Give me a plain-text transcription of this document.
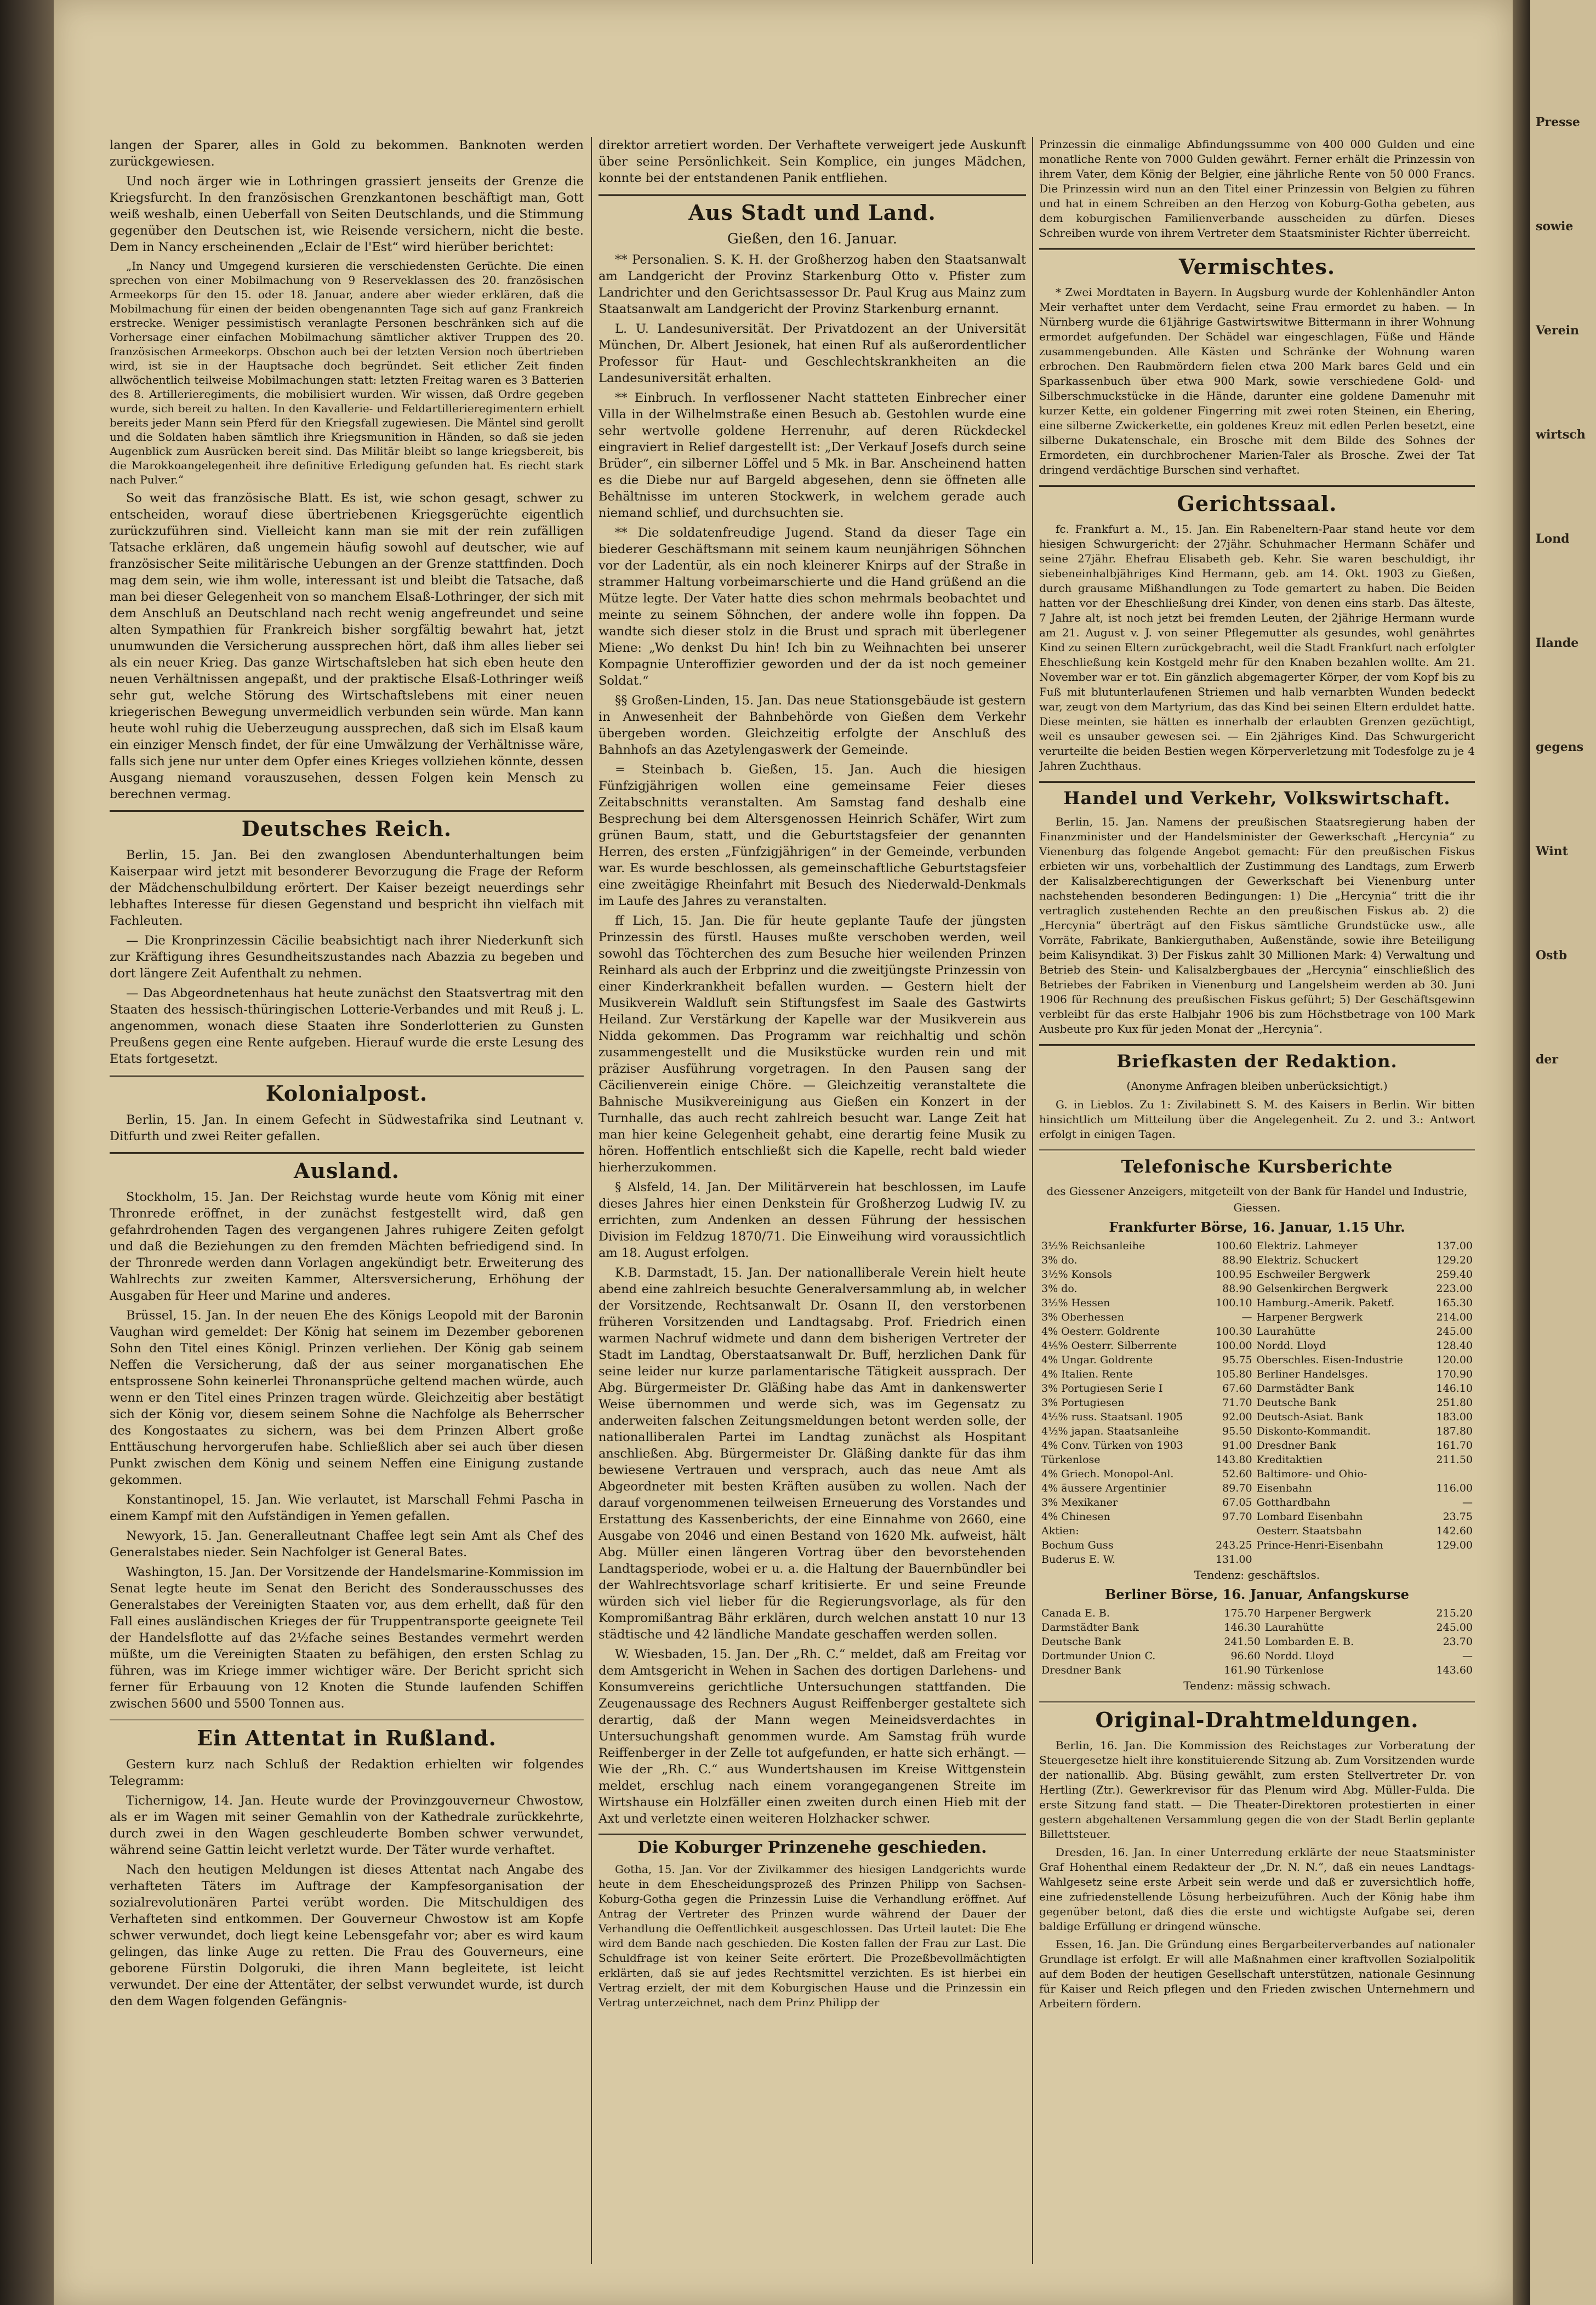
langen der Sparer, alles in Gold zu bekommen. Banknoten werden zurückgewiesen.

Und noch ärger wie in Lothringen grassiert jenseits der Grenze die Kriegsfurcht. In den französischen Grenzkantonen beschäftigt man, Gott weiß weshalb, einen Ueberfall von Seiten Deutschlands, und die Stimmung gegenüber den Deutschen ist, wie Reisende versichern, nicht die beste. Dem in Nancy erscheinenden „Eclair de l'Est“ wird hierüber berichtet:

„In Nancy und Umgegend kursieren die verschiedensten Gerüchte. Die einen sprechen von einer Mobilmachung von 9 Reserveklassen des 20. französischen Armeekorps für den 15. oder 18. Januar, andere aber wieder erklären, daß die Mobilmachung für einen der beiden obengenannten Tage sich auf ganz Frankreich erstrecke. Weniger pessimistisch veranlagte Personen beschränken sich auf die Vorhersage einer einfachen Mobilmachung sämtlicher aktiver Truppen des 20. französischen Armeekorps. Obschon auch bei der letzten Version noch übertrieben wird, ist sie in der Hauptsache doch begründet. Seit etlicher Zeit finden allwöchentlich teilweise Mobilmachungen statt: letzten Freitag waren es 3 Batterien des 8. Artillerieregiments, die mobilisiert wurden. Wir wissen, daß Ordre gegeben wurde, sich bereit zu halten. In den Kavallerie- und Feldartillerieregimentern erhielt bereits jeder Mann sein Pferd für den Kriegsfall zugewiesen. Die Mäntel sind gerollt und die Soldaten haben sämtlich ihre Kriegsmunition in Händen, so daß sie jeden Augenblick zum Ausrücken bereit sind. Das Militär bleibt so lange kriegsbereit, bis die Marokkoangelegenheit ihre definitive Erledigung gefunden hat. Es riecht stark nach Pulver.“

So weit das französische Blatt. Es ist, wie schon gesagt, schwer zu entscheiden, worauf diese übertriebenen Kriegsgerüchte eigentlich zurückzuführen sind. Vielleicht kann man sie mit der rein zufälligen Tatsache erklären, daß ungemein häufig sowohl auf deutscher, wie auf französischer Seite militärische Uebungen an der Grenze stattfinden. Doch mag dem sein, wie ihm wolle, interessant ist und bleibt die Tatsache, daß man bei dieser Gelegenheit von so manchem Elsaß-Lothringer, der sich mit dem Anschluß an Deutschland nach recht wenig angefreundet und seine alten Sympathien für Frankreich bisher sorgfältig bewahrt hat, jetzt unumwunden die Versicherung aussprechen hört, daß ihm alles lieber sei als ein neuer Krieg. Das ganze Wirtschaftsleben hat sich eben heute den neuen Verhältnissen angepaßt, und der praktische Elsaß-Lothringer weiß sehr gut, welche Störung des Wirtschaftslebens mit einer neuen kriegerischen Bewegung unvermeidlich verbunden sein würde. Man kann heute wohl ruhig die Ueberzeugung aussprechen, daß sich im Elsaß kaum ein einziger Mensch findet, der für eine Umwälzung der Verhältnisse wäre, falls sich jene nur unter dem Opfer eines Krieges vollziehen könnte, dessen Ausgang niemand vorauszusehen, dessen Folgen kein Mensch zu berechnen vermag.

Deutsches Reich.

Berlin, 15. Jan. Bei den zwanglosen Abendunterhaltungen beim Kaiserpaar wird jetzt mit besonderer Bevorzugung die Frage der Reform der Mädchenschulbildung erörtert. Der Kaiser bezeigt neuerdings sehr lebhaftes Interesse für diesen Gegenstand und bespricht ihn vielfach mit Fachleuten.

— Die Kronprinzessin Cäcilie beabsichtigt nach ihrer Niederkunft sich zur Kräftigung ihres Gesundheitszustandes nach Abazzia zu begeben und dort längere Zeit Aufenthalt zu nehmen.

— Das Abgeordnetenhaus hat heute zunächst den Staatsvertrag mit den Staaten des hessisch-thüringischen Lotterie-Verbandes und mit Reuß j. L. angenommen, wonach diese Staaten ihre Sonderlotterien zu Gunsten Preußens gegen eine Rente aufgeben. Hierauf wurde die erste Lesung des Etats fortgesetzt.

Kolonialpost.

Berlin, 15. Jan. In einem Gefecht in Südwestafrika sind Leutnant v. Ditfurth und zwei Reiter gefallen.

Ausland.

Stockholm, 15. Jan. Der Reichstag wurde heute vom König mit einer Thronrede eröffnet, in der zunächst festgestellt wird, daß gen gefahrdrohenden Tagen des vergangenen Jahres ruhigere Zeiten gefolgt und daß die Beziehungen zu den fremden Mächten befriedigend sind. In der Thronrede werden dann Vorlagen angekündigt betr. Erweiterung des Wahlrechts zur zweiten Kammer, Altersversicherung, Erhöhung der Ausgaben für Heer und Marine und anderes.

Brüssel, 15. Jan. In der neuen Ehe des Königs Leopold mit der Baronin Vaughan wird gemeldet: Der König hat seinem im Dezember geborenen Sohn den Titel eines Königl. Prinzen verliehen. Der König gab seinem Neffen die Versicherung, daß der aus seiner morganatischen Ehe entsprossene Sohn keinerlei Thronansprüche geltend machen würde, auch wenn er den Titel eines Prinzen tragen würde. Gleichzeitig aber bestätigt sich der König vor, diesem seinem Sohne die Nachfolge als Beherrscher des Kongostaates zu sichern, was bei dem Prinzen Albert große Enttäuschung hervorgerufen habe. Schließlich aber sei auch über diesen Punkt zwischen dem König und seinem Neffen eine Einigung zustande gekommen.

Konstantinopel, 15. Jan. Wie verlautet, ist Marschall Fehmi Pascha in einem Kampf mit den Aufständigen in Yemen gefallen.

Newyork, 15. Jan. Generalleutnant Chaffee legt sein Amt als Chef des Generalstabes nieder. Sein Nachfolger ist General Bates.

Washington, 15. Jan. Der Vorsitzende der Handelsmarine-Kommission im Senat legte heute im Senat den Bericht des Sonderausschusses des Generalstabes der Vereinigten Staaten vor, aus dem erhellt, daß für den Fall eines ausländischen Krieges der für Truppentransporte geeignete Teil der Handelsflotte auf das 2½fache seines Bestandes vermehrt werden müßte, um die Vereinigten Staaten zu befähigen, den ersten Schlag zu führen, was im Kriege immer wichtiger wäre. Der Bericht spricht sich ferner für Erbauung von 12 Knoten die Stunde laufenden Schiffen zwischen 5600 und 5500 Tonnen aus.

Ein Attentat in Rußland.

Gestern kurz nach Schluß der Redaktion erhielten wir folgendes Telegramm:

Tichernigow, 14. Jan. Heute wurde der Provinzgouverneur Chwostow, als er im Wagen mit seiner Gemahlin von der Kathedrale zurückkehrte, durch zwei in den Wagen geschleuderte Bomben schwer verwundet, während seine Gattin leicht verletzt wurde. Der Täter wurde verhaftet.

Nach den heutigen Meldungen ist dieses Attentat nach Angabe des verhafteten Täters im Auftrage der Kampfesorganisation der sozialrevolutionären Partei verübt worden. Die Mitschuldigen des Verhafteten sind entkommen. Der Gouverneur Chwostow ist am Kopfe schwer verwundet, doch liegt keine Lebensgefahr vor; aber es wird kaum gelingen, das linke Auge zu retten. Die Frau des Gouverneurs, eine geborene Fürstin Dolgoruki, die ihren Mann begleitete, ist leicht verwundet. Der eine der Attentäter, der selbst verwundet wurde, ist durch den dem Wagen folgenden Gefängnis-

direktor arretiert worden. Der Verhaftete verweigert jede Auskunft über seine Persönlichkeit. Sein Komplice, ein junges Mädchen, konnte bei der entstandenen Panik entfliehen.

Aus Stadt und Land.
Gießen, den 16. Januar.

** Personalien. S. K. H. der Großherzog haben den Staatsanwalt am Landgericht der Provinz Starkenburg Otto v. Pfister zum Landrichter und den Gerichtsassessor Dr. Paul Krug aus Mainz zum Staatsanwalt am Landgericht der Provinz Starkenburg ernannt.

L. U. Landesuniversität. Der Privatdozent an der Universität München, Dr. Albert Jesionek, hat einen Ruf als außerordentlicher Professor für Haut- und Geschlechtskrankheiten an die Landesuniversität erhalten.

** Einbruch. In verflossener Nacht statteten Einbrecher einer Villa in der Wilhelmstraße einen Besuch ab. Gestohlen wurde eine sehr wertvolle goldene Herrenuhr, auf deren Rückdeckel eingraviert in Relief dargestellt ist: „Der Verkauf Josefs durch seine Brüder“, ein silberner Löffel und 5 Mk. in Bar. Anscheinend hatten es die Diebe nur auf Bargeld abgesehen, denn sie öffneten alle Behältnisse im unteren Stockwerk, in welchem gerade auch niemand schlief, und durchsuchten sie.

** Die soldatenfreudige Jugend. Stand da dieser Tage ein biederer Geschäftsmann mit seinem kaum neunjährigen Söhnchen vor der Ladentür, als ein noch kleinerer Knirps auf der Straße in strammer Haltung vorbeimarschierte und die Hand grüßend an die Mütze legte. Der Vater hatte dies schon mehrmals beobachtet und meinte zu seinem Söhnchen, der andere wolle ihn foppen. Da wandte sich dieser stolz in die Brust und sprach mit überlegener Miene: „Wo denkst Du hin! Ich bin zu Weihnachten bei unserer Kompagnie Unteroffizier geworden und der da ist noch gemeiner Soldat.“

§§ Großen-Linden, 15. Jan. Das neue Stationsgebäude ist gestern in Anwesenheit der Bahnbehörde von Gießen dem Verkehr übergeben worden. Gleichzeitig erfolgte der Anschluß des Bahnhofs an das Azetylengaswerk der Gemeinde.

= Steinbach b. Gießen, 15. Jan. Auch die hiesigen Fünfzigjährigen wollen eine gemeinsame Feier dieses Zeitabschnitts veranstalten. Am Samstag fand deshalb eine Besprechung bei dem Altersgenossen Heinrich Schäfer, Wirt zum grünen Baum, statt, und die Geburtstagsfeier der genannten Herren, des ersten „Fünfzigjährigen“ in der Gemeinde, verbunden war. Es wurde beschlossen, als gemeinschaftliche Geburtstagsfeier eine zweitägige Rheinfahrt mit Besuch des Niederwald-Denkmals im Laufe des Jahres zu veranstalten.

ff Lich, 15. Jan. Die für heute geplante Taufe der jüngsten Prinzessin des fürstl. Hauses mußte verschoben werden, weil sowohl das Töchterchen des zum Besuche hier weilenden Prinzen Reinhard als auch der Erbprinz und die zweitjüngste Prinzessin von einer Kinderkrankheit befallen wurden. — Gestern hielt der Musikverein Waldluft sein Stiftungsfest im Saale des Gastwirts Heiland. Zur Verstärkung der Kapelle war der Musikverein aus Nidda gekommen. Das Programm war reichhaltig und schön zusammengestellt und die Musikstücke wurden rein und mit präziser Ausführung vorgetragen. In den Pausen sang der Cäcilienverein einige Chöre. — Gleichzeitig veranstaltete die Bahnische Musikvereinigung aus Gießen ein Konzert in der Turnhalle, das auch recht zahlreich besucht war. Lange Zeit hat man hier keine Gelegenheit gehabt, eine derartig feine Musik zu hören. Hoffentlich entschließt sich die Kapelle, recht bald wieder hierherzukommen.

§ Alsfeld, 14. Jan. Der Militärverein hat beschlossen, im Laufe dieses Jahres hier einen Denkstein für Großherzog Ludwig IV. zu errichten, zum Andenken an dessen Führung der hessischen Division im Feldzug 1870/71. Die Einweihung wird voraussichtlich am 18. August erfolgen.

K.B. Darmstadt, 15. Jan. Der nationalliberale Verein hielt heute abend eine zahlreich besuchte Generalversammlung ab, in welcher der Vorsitzende, Rechtsanwalt Dr. Osann II, den verstorbenen früheren Vorsitzenden und Landtagsabg. Prof. Friedrich einen warmen Nachruf widmete und dann dem bisherigen Vertreter der Stadt im Landtag, Oberstaatsanwalt Dr. Buff, herzlichen Dank für seine leider nur kurze parlamentarische Tätigkeit aussprach. Der Abg. Bürgermeister Dr. Gläßing habe das Amt in dankenswerter Weise übernommen und werde sich, was im Gegensatz zu anderweiten falschen Zeitungsmeldungen betont werden solle, der nationalliberalen Partei im Landtag zunächst als Hospitant anschließen. Abg. Bürgermeister Dr. Gläßing dankte für das ihm bewiesene Vertrauen und versprach, auch das neue Amt als Abgeordneter mit besten Kräften ausüben zu wollen. Nach der darauf vorgenommenen teilweisen Erneuerung des Vorstandes und Erstattung des Kassenberichts, der eine Einnahme von 2660, eine Ausgabe von 2046 und einen Bestand von 1620 Mk. aufweist, hält Abg. Müller einen längeren Vortrag über den bevorstehenden Landtagsperiode, wobei er u. a. die Haltung der Bauernbündler bei der Wahlrechtsvorlage scharf kritisierte. Er und seine Freunde würden sich viel lieber für die Regierungsvorlage, als für den Kompromißantrag Bähr erklären, durch welchen anstatt 10 nur 13 städtische und 42 ländliche Mandate geschaffen werden sollen.

W. Wiesbaden, 15. Jan. Der „Rh. C.“ meldet, daß am Freitag vor dem Amtsgericht in Wehen in Sachen des dortigen Darlehens- und Konsumvereins gerichtliche Untersuchungen stattfanden. Die Zeugenaussage des Rechners August Reiffenberger gestaltete sich derartig, daß der Mann wegen Meineidsverdachtes in Untersuchungshaft genommen wurde. Am Samstag früh wurde Reiffenberger in der Zelle tot aufgefunden, er hatte sich erhängt. — Wie der „Rh. C.“ aus Wundertshausen im Kreise Wittgenstein meldet, erschlug nach einem vorangegangenen Streite im Wirtshause ein Holzfäller einen zweiten durch einen Hieb mit der Axt und verletzte einen weiteren Holzhacker schwer.

Die Koburger Prinzenehe geschieden.

Gotha, 15. Jan. Vor der Zivilkammer des hiesigen Landgerichts wurde heute in dem Ehescheidungsprozeß des Prinzen Philipp von Sachsen-Koburg-Gotha gegen die Prinzessin Luise die Verhandlung eröffnet. Auf Antrag der Vertreter des Prinzen wurde während der Dauer der Verhandlung die Oeffentlichkeit ausgeschlossen. Das Urteil lautet: Die Ehe wird dem Bande nach geschieden. Die Kosten fallen der Frau zur Last. Die Schuldfrage ist von keiner Seite erörtert. Die Prozeßbevollmächtigten erklärten, daß sie auf jedes Rechtsmittel verzichten. Es ist hierbei ein Vertrag erzielt, der mit dem Koburgischen Hause und die Prinzessin ein Vertrag unterzeichnet, nach dem Prinz Philipp der

Prinzessin die einmalige Abfindungssumme von 400 000 Gulden und eine monatliche Rente von 7000 Gulden gewährt. Ferner erhält die Prinzessin von ihrem Vater, dem König der Belgier, eine jährliche Rente von 50 000 Francs. Die Prinzessin wird nun an den Titel einer Prinzessin von Belgien zu führen und hat in einem Schreiben an den Herzog von Koburg-Gotha gebeten, aus dem koburgischen Familienverbande ausscheiden zu dürfen. Dieses Schreiben wurde von ihrem Vertreter dem Staatsminister Richter überreicht.

Vermischtes.

* Zwei Mordtaten in Bayern. In Augsburg wurde der Kohlenhändler Anton Meir verhaftet unter dem Verdacht, seine Frau ermordet zu haben. — In Nürnberg wurde die 61jährige Gastwirtswitwe Bittermann in ihrer Wohnung ermordet aufgefunden. Der Schädel war eingeschlagen, Füße und Hände zusammengebunden. Alle Kästen und Schränke der Wohnung waren erbrochen. Den Raubmördern fielen etwa 200 Mark bares Geld und ein Sparkassenbuch über etwa 900 Mark, sowie verschiedene Gold- und Silberschmuckstücke in die Hände, darunter eine goldene Damenuhr mit kurzer Kette, ein goldener Fingerring mit zwei roten Steinen, ein Ehering, eine silberne Zwickerkette, ein goldenes Kreuz mit edlen Perlen besetzt, eine silberne Dukatenschale, ein Brosche mit dem Bilde des Sohnes der Ermordeten, ein durchbrochener Marien-Taler als Brosche. Zwei der Tat dringend verdächtige Burschen sind verhaftet.

Gerichtssaal.

fc. Frankfurt a. M., 15. Jan. Ein Rabeneltern-Paar stand heute vor dem hiesigen Schwurgericht: der 27jähr. Schuhmacher Hermann Schäfer und seine 27jähr. Ehefrau Elisabeth geb. Kehr. Sie waren beschuldigt, ihr siebeneinhalbjähriges Kind Hermann, geb. am 14. Okt. 1903 zu Gießen, durch grausame Mißhandlungen zu Tode gemartert zu haben. Die Beiden hatten vor der Eheschließung drei Kinder, von denen eins starb. Das älteste, 7 Jahre alt, ist noch jetzt bei fremden Leuten, der 2jährige Hermann wurde am 21. August v. J. von seiner Pflegemutter als gesundes, wohl genährtes Kind zu seinen Eltern zurückgebracht, weil die Stadt Frankfurt nach erfolgter Eheschließung kein Kostgeld mehr für den Knaben bezahlen wollte. Am 21. November war er tot. Ein gänzlich abgemagerter Körper, der vom Kopf bis zu Fuß mit blutunterlaufenen Striemen und halb vernarbten Wunden bedeckt war, zeugt von dem Martyrium, das das Kind bei seinen Eltern erduldet hatte. Diese meinten, sie hätten es innerhalb der erlaubten Grenzen gezüchtigt, weil es unsauber gewesen sei. — Ein 2jähriges Kind. Das Schwurgericht verurteilte die beiden Bestien wegen Körperverletzung mit Todesfolge zu je 4 Jahren Zuchthaus.

Handel und Verkehr, Volkswirtschaft.

Berlin, 15. Jan. Namens der preußischen Staatsregierung haben der Finanzminister und der Handelsminister der Gewerkschaft „Hercynia“ zu Vienenburg das folgende Angebot gemacht: Für den preußischen Fiskus erbieten wir uns, vorbehaltlich der Zustimmung des Landtags, zum Erwerb der Kalisalzberechtigungen der Gewerkschaft bei Vienenburg unter nachstehenden besonderen Bedingungen: 1) Die „Hercynia“ tritt die ihr vertraglich zustehenden Rechte an den preußischen Fiskus ab. 2) die „Hercynia“ überträgt auf den Fiskus sämtliche Grundstücke usw., alle Vorräte, Fabrikate, Bankierguthaben, Außenstände, sowie ihre Beteiligung beim Kalisyndikat. 3) Der Fiskus zahlt 30 Millionen Mark: 4) Verwaltung und Betrieb des Stein- und Kalisalzbergbaues der „Hercynia“ einschließlich des Betriebes der Fabriken in Vienenburg und Langelsheim werden ab 30. Juni 1906 für Rechnung des preußischen Fiskus geführt; 5) Der Geschäftsgewinn verbleibt für das erste Halbjahr 1906 bis zum Höchstbetrage von 100 Mark Ausbeute pro Kux für jeden Monat der „Hercynia“.

Briefkasten der Redaktion.
(Anonyme Anfragen bleiben unberücksichtigt.)

G. in Lieblos. Zu 1: Zivilabinett S. M. des Kaisers in Berlin. Wir bitten hinsichtlich um Mitteilung über die Angelegenheit. Zu 2. und 3.: Antwort erfolgt in einigen Tagen.

Telefonische Kursberichte
des Giessener Anzeigers, mitgeteilt von der Bank für Handel und Industrie, Giessen.
Frankfurter Börse, 16. Januar, 1.15 Uhr.
3½% Reichsanleihe	100.60	Elektriz. Lahmeyer	137.00
3% do.	88.90	Elektriz. Schuckert	129.20
3½% Konsols	100.95	Eschweiler Bergwerk	259.40
3% do.	88.90	Gelsenkirchen Bergwerk	223.00
3½% Hessen	100.10	Hamburg.-Amerik. Paketf.	165.30
3% Oberhessen	—	Harpener Bergwerk	214.00
4% Oesterr. Goldrente	100.30	Laurahütte	245.00
4⅕% Oesterr. Silberrente	100.00	Nordd. Lloyd	128.40
4% Ungar. Goldrente	95.75	Oberschles. Eisen-Industrie	120.00
4% Italien. Rente	105.80	Berliner Handelsges.	170.90
3% Portugiesen Serie I	67.60	Darmstädter Bank	146.10
3% Portugiesen	71.70	Deutsche Bank	251.80
4½% russ. Staatsanl. 1905	92.00	Deutsch-Asiat. Bank	183.00
4½% japan. Staatsanleihe	95.50	Diskonto-Kommandit.	187.80
4% Conv. Türken von 1903	91.00	Dresdner Bank	161.70
Türkenlose	143.80	Kreditaktien	211.50
4% Griech. Monopol-Anl.	52.60	Baltimore- und Ohio-	
4% äussere Argentinier	89.70	Eisenbahn	116.00
3% Mexikaner	67.05	Gotthardbahn	—
4% Chinesen	97.70	Lombard Eisenbahn	23.75
Aktien:		Oesterr. Staatsbahn	142.60
Bochum Guss	243.25	Prince-Henri-Eisenbahn	129.00
Buderus E. W.	131.00		
Tendenz: geschäftslos.
Berliner Börse, 16. Januar, Anfangskurse
Canada E. B.	175.70	Harpener Bergwerk	215.20
Darmstädter Bank	146.30	Laurahütte	245.00
Deutsche Bank	241.50	Lombarden E. B.	23.70
Dortmunder Union C.	96.60	Nordd. Lloyd	—
Dresdner Bank	161.90	Türkenlose	143.60
Tendenz: mässig schwach.
Original-Drahtmeldungen.

Berlin, 16. Jan. Die Kommission des Reichstages zur Vorberatung der Steuergesetze hielt ihre konstituierende Sitzung ab. Zum Vorsitzenden wurde der nationallib. Abg. Büsing gewählt, zum ersten Stellvertreter Dr. von Hertling (Ztr.). Gewerkrevisor für das Plenum wird Abg. Müller-Fulda. Die erste Sitzung fand statt. — Die Theater-Direktoren protestierten in einer gestern abgehaltenen Versammlung gegen die von der Stadt Berlin geplante Billettsteuer.

Dresden, 16. Jan. In einer Unterredung erklärte der neue Staatsminister Graf Hohenthal einem Redakteur der „Dr. N. N.“, daß ein neues Landtags-Wahlgesetz seine erste Arbeit sein werde und daß er zuversichtlich hoffe, eine zufriedenstellende Lösung herbeizuführen. Auch der König habe ihm gegenüber betont, daß dies die erste und wichtigste Aufgabe sei, deren baldige Erfüllung er dringend wünsche.

Essen, 16. Jan. Die Gründung eines Bergarbeiterverbandes auf nationaler Grundlage ist erfolgt. Er will alle Maßnahmen einer kraftvollen Sozialpolitik auf dem Boden der heutigen Gesellschaft unterstützen, nationale Gesinnung für Kaiser und Reich pflegen und den Frieden zwischen Unternehmern und Arbeitern fördern.

Presse
sowie
Verein
wirtsch
Lond
Ilande
gegens
Wint
Ostb
der
